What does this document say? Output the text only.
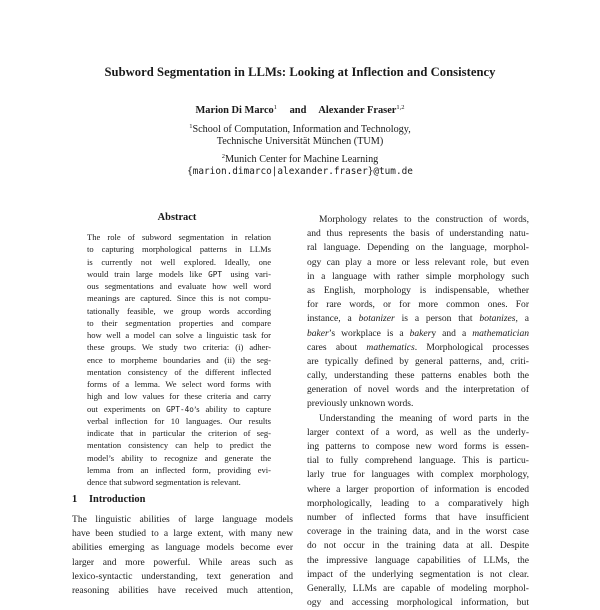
Subword Segmentation in LLMs: Looking at Inflection and Consistency
Marion Di Marco$^1$ and Alexander Fraser$^{1,2}$
$^1$School of Computation, Information and Technology,
Technische Universität München (TUM)
$^2$Munich Center for Machine Learning
{marion.dimarco|alexander.fraser}@tum.de
Abstract
The role of subword segmentation in relation
to capturing morphological patterns in LLMs
is currently not well explored. Ideally, one
would train large models like GPT using vari-
ous segmentations and evaluate how well word
meanings are captured. Since this is not compu-
tationally feasible, we group words according
to their segmentation properties and compare
how well a model can solve a linguistic task for
these groups. We study two criteria: (i) adher-
ence to morpheme boundaries and (ii) the seg-
mentation consistency of the different inflected
forms of a lemma. We select word forms with
high and low values for these criteria and carry
out experiments on GPT-4o’s ability to capture
verbal inflection for 10 languages. Our results
indicate that in particular the criterion of seg-
mentation consistency can help to predict the
model’s ability to recognize and generate the
lemma from an inflected form, providing evi-
dence that subword segmentation is relevant.
1 Introduction
The linguistic abilities of large language models
have been studied to a large extent, with many new
abilities emerging as language models become ever
larger and more powerful. While areas such as
lexico-syntactic understanding, text generation and
reasoning abilities have received much attention,
Morphology relates to the construction of words,
and thus represents the basis of understanding natu-
ral language. Depending on the language, morphol-
ogy can play a more or less relevant role, but even
in a language with rather simple morphology such
as English, morphology is indispensable, whether
for rare words, or for more common ones. For
instance, a botanizer is a person that botanizes, a
baker’s workplace is a bakery and a mathematician
cares about mathematics. Morphological processes
are typically defined by general patterns, and, criti-
cally, understanding these patterns enables both the
generation of novel words and the interpretation of
previously unknown words.
Understanding the meaning of word parts in the
larger context of a word, as well as the underly-
ing patterns to compose new word forms is essen-
tial to fully comprehend language. This is particu-
larly true for languages with complex morphology,
where a larger proportion of information is encoded
morphologically, leading to a comparatively high
number of inflected forms that have insufficient
coverage in the training data, and in the worst case
do not occur in the training data at all. Despite
the impressive language capabilities of LLMs, the
impact of the underlying segmentation is not clear.
Generally, LLMs are capable of modeling morphol-
ogy and accessing morphological information, but
